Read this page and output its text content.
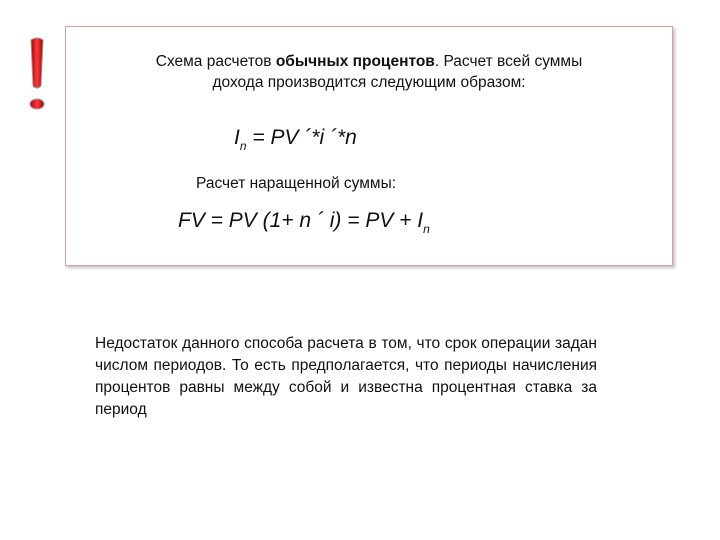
Схема расчетов обычных процентов. Расчет всей суммы
дохода производится следующим образом:
$I_n$ = PV ´*i ´*n
Расчет наращенной суммы:
FV = PV (1+ n ´ i) = PV + $I_n$
Недостаток данного способа расчета в том, что срок операции задан числом периодов. То есть предполагается, что периоды начисления процентов равны между собой и известна процентная ставка за период
